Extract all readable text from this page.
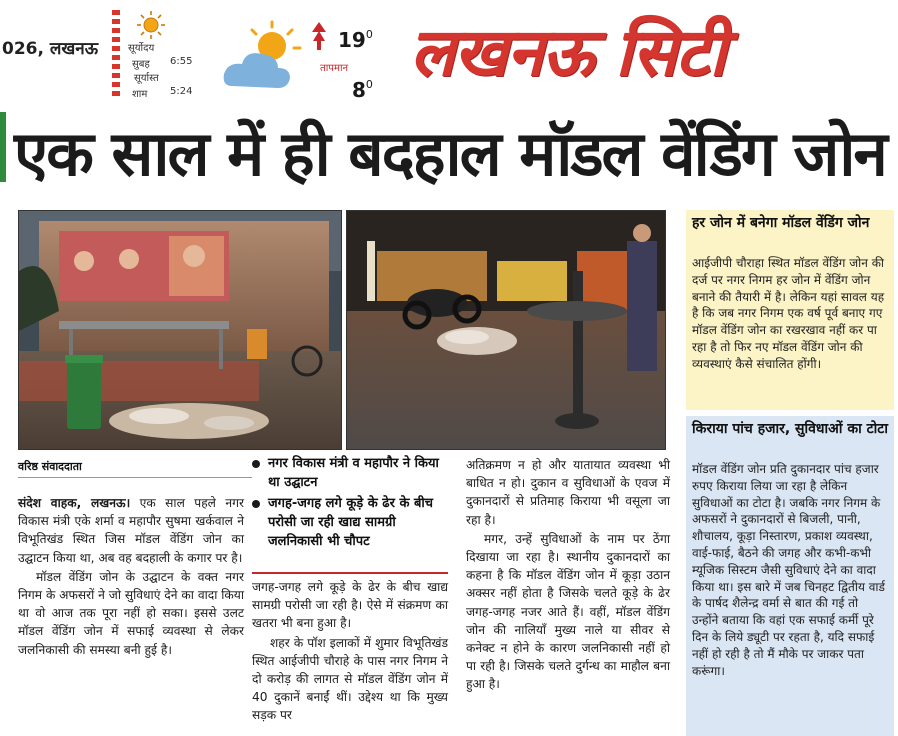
026, लखनऊ	सूर्योदय
सुबह 6:55
सूर्यास्त
शाम 5:24
$19^0$
तापमान
$8^0$ लखनऊ सिटी
एक साल में ही बदहाल मॉडल वेंडिंग जोन
हर जोन में बनेगा मॉडल वेंडिंग जोन
आईजीपी चौराहा स्थित मॉडल वेंडिंग जोन की दर्ज पर नगर निगम हर जोन में वेंडिंग जोन बनाने की तैयारी में है। लेकिन यहां सावल यह है कि जब नगर निगम एक वर्ष पूर्व बनाए गए मॉडल वेंडिंग जोन का रखरखाव नहीं कर पा रहा है तो फिर नए मॉडल वेंडिंग जोन की व्यवस्थाएं कैसे संचालित होंगी।
किराया पांच हजार, सुविधाओं का टोटा
मॉडल वेंडिंग जोन प्रति दुकानदार पांच हजार रुपए किराया लिया जा रहा है लेकिन सुविधाओं का टोटा है। जबकि नगर निगम के अफसरों ने दुकानदारों से बिजली, पानी, शौचालय, कूड़ा निस्तारण, प्रकाश व्यवस्था, वाई-फाई, बैठने की जगह और कभी-कभी म्यूजिक सिस्टम जैसी सुविधाएं देने का वादा किया था। इस बारे में जब चिनहट द्वितीय वार्ड के पार्षद शैलेन्द्र वर्मा से बात की गई तो उन्होंने बताया कि वहां एक सफाई कर्मी पूरे दिन के लिये ड्यूटी पर रहता है, यदि सफाई नहीं हो रही है तो मैं मौके पर जाकर पता करूंगा।
वरिष्ठ संवाददाता

संदेश वाहक, लखनऊ। एक साल पहले नगर विकास मंत्री एके शर्मा व महापौर सुषमा खर्कवाल ने विभूतिखंड स्थित जिस मॉडल वेंडिंग जोन का उद्घाटन किया था, अब वह बदहाली के कगार पर है।

मॉडल वेंडिंग जोन के उद्घाटन के वक्त नगर निगम के अफसरों ने जो सुविधाएं देने का वादा किया था वो आज तक पूरा नहीं हो सका। इससे उलट मॉडल वेंडिंग जोन में सफाई व्यवस्था से लेकर जलनिकासी की समस्या बनी हुई है।

नगर विकास मंत्री व महापौर ने किया था उद्घाटन
जगह-जगह लगे कूड़े के ढेर के बीच परोसी जा रही खाद्य सामग्री जलनिकासी भी चौपट

जगह-जगह लगे कूड़े के ढेर के बीच खाद्य सामग्री परोसी जा रही है। ऐसे में संक्रमण का खतरा भी बना हुआ है।

शहर के पॉश इलाकों में शुमार विभूतिखंड स्थित आईजीपी चौराहे के पास नगर निगम ने दो करोड़ की लागत से मॉडल वेंडिंग जोन में 40 दुकानें बनाईं थीं। उद्देश्य था कि मुख्य सड़क पर

अतिक्रमण न हो और यातायात व्यवस्था भी बाधित न हो। दुकान व सुविधाओं के एवज में दुकानदारों से प्रतिमाह किराया भी वसूला जा रहा है।

मगर, उन्हें सुविधाओं के नाम पर ठेंगा दिखाया जा रहा है। स्थानीय दुकानदारों का कहना है कि मॉडल वेंडिंग जोन में कूड़ा उठान अक्सर नहीं होता है जिसके चलते कूड़े के ढेर जगह-जगह नजर आते हैं। वहीं, मॉडल वेंडिंग जोन की नालियाँ मुख्य नाले या सीवर से कनेक्ट न होने के कारण जलनिकासी नहीं हो पा रही है। जिसके चलते दुर्गन्ध का माहौल बना हुआ है।
